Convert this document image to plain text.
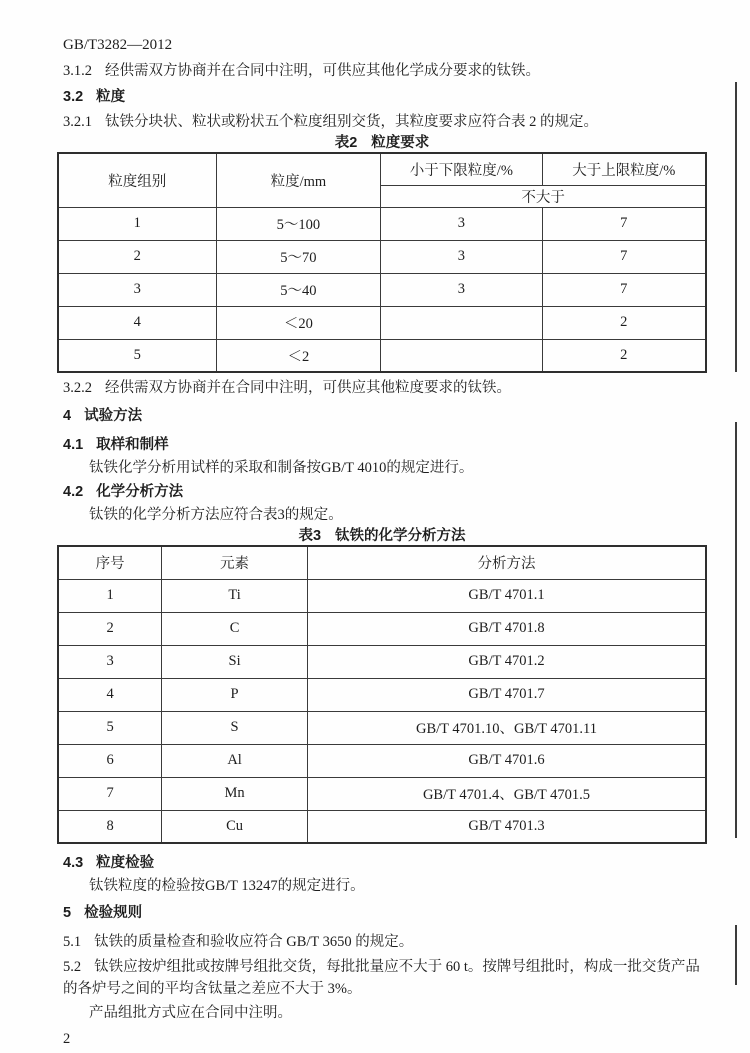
GB/T3282—2012

3.1.2 经供需双方协商并在合同中注明，可供应其他化学成分要求的钛铁。

3.2 粒度

3.2.1 钛铁分块状、粒状或粉状五个粒度组别交货，其粒度要求应符合表 2 的规定。

表2 粒度要求
粒度组别	粒度/mm	小于下限粒度/%	大于上限粒度/%
		不大于	
1	5～100	3	7
2	5～70	3	7
3	5～40	3	7
4	＜20		2
5	＜2		2

3.2.2 经供需双方协商并在合同中注明，可供应其他粒度要求的钛铁。

4 试验方法

4.1 取样和制样

钛铁化学分析用试样的采取和制备按GB/T 4010的规定进行。

4.2 化学分析方法

钛铁的化学分析方法应符合表3的规定。

表3 钛铁的化学分析方法
序号	元素	分析方法
1	Ti	GB/T 4701.1
2	C	GB/T 4701.8
3	Si	GB/T 4701.2
4	P	GB/T 4701.7
5	S	GB/T 4701.10、GB/T 4701.11
6	Al	GB/T 4701.6
7	Mn	GB/T 4701.4、GB/T 4701.5
8	Cu	GB/T 4701.3

4.3 粒度检验

钛铁粒度的检验按GB/T 13247的规定进行。

5 检验规则

5.1 钛铁的质量检查和验收应符合 GB/T 3650 的规定。

5.2 钛铁应按炉组批或按牌号组批交货，每批批量应不大于 60 t。按牌号组批时，构成一批交货产品的各炉号之间的平均含钛量之差应不大于 3%。

产品组批方式应在合同中注明。

2
